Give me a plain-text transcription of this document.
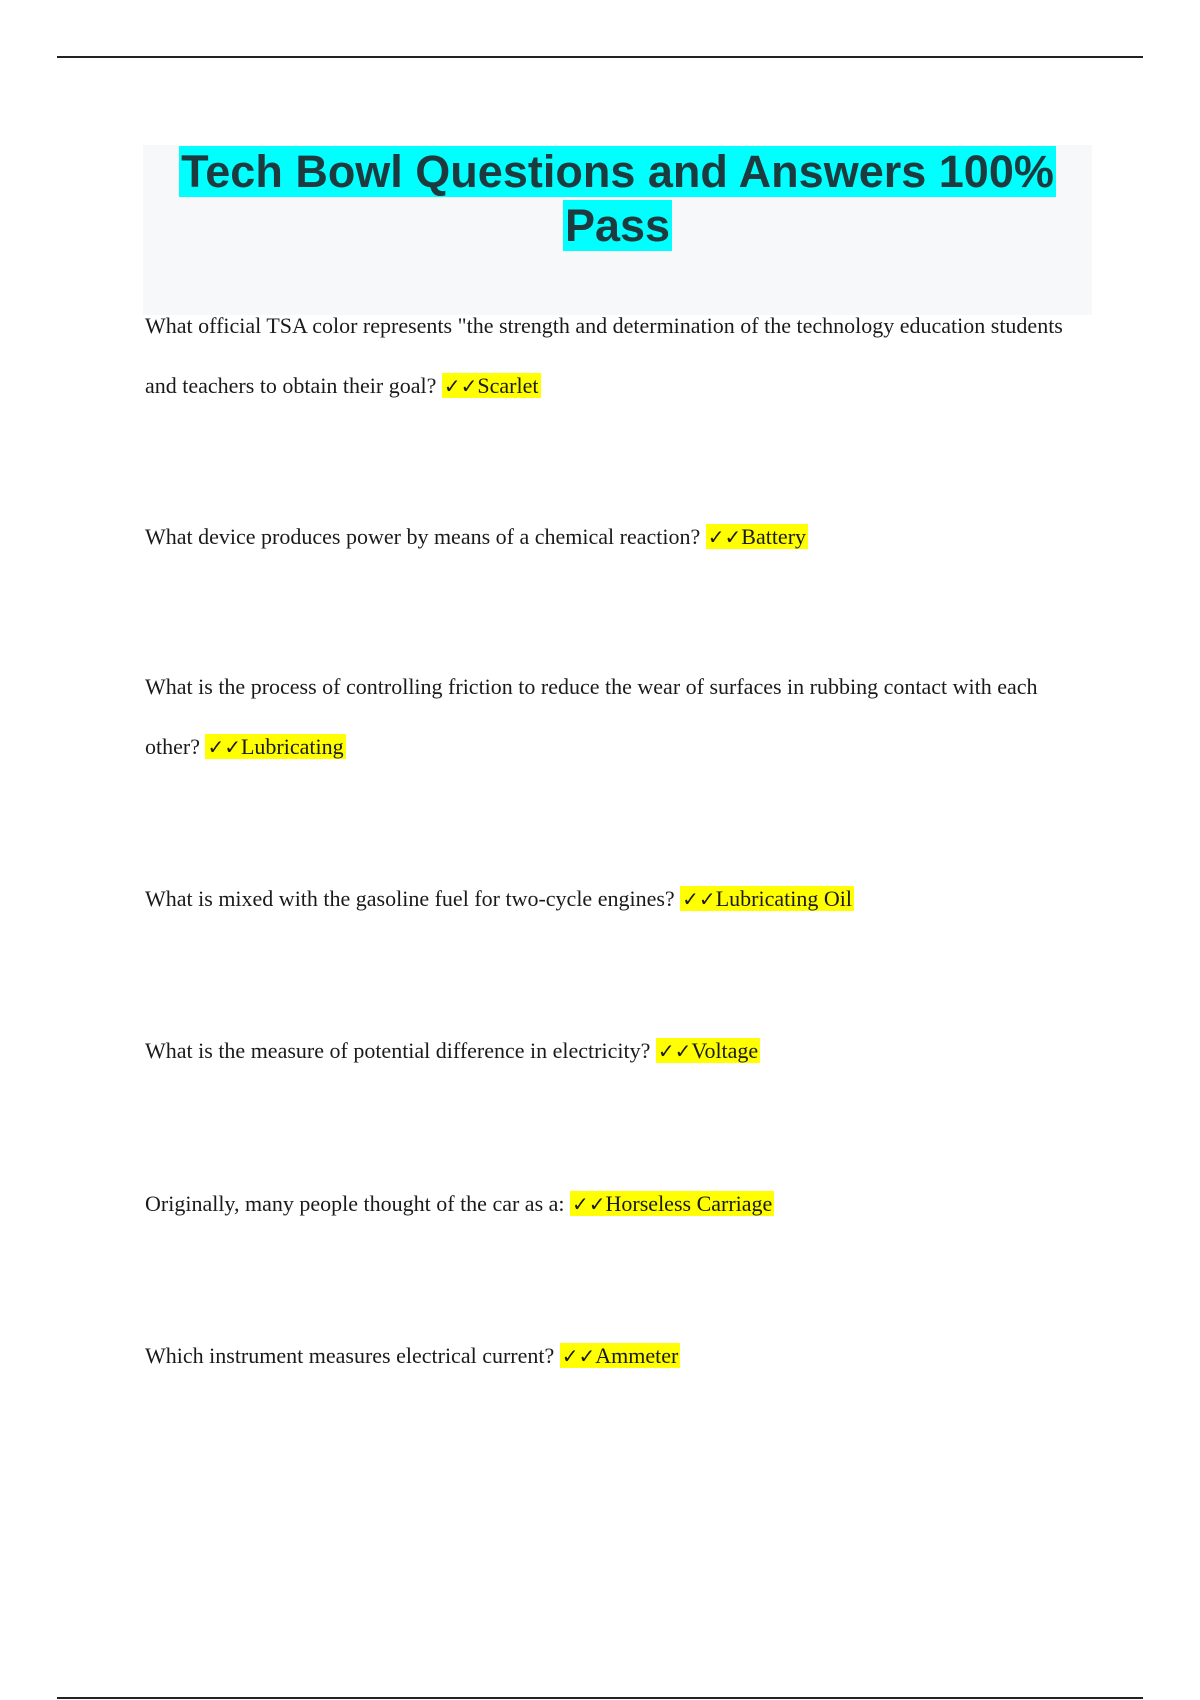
Tech Bowl Questions and Answers 100% Pass
What official TSA color represents "the strength and determination of the technology education students and teachers to obtain their goal? ✓✓Scarlet
What device produces power by means of a chemical reaction? ✓✓Battery
What is the process of controlling friction to reduce the wear of surfaces in rubbing contact with each other? ✓✓Lubricating
What is mixed with the gasoline fuel for two-cycle engines? ✓✓Lubricating Oil
What is the measure of potential difference in electricity? ✓✓Voltage
Originally, many people thought of the car as a: ✓✓Horseless Carriage
Which instrument measures electrical current? ✓✓Ammeter
